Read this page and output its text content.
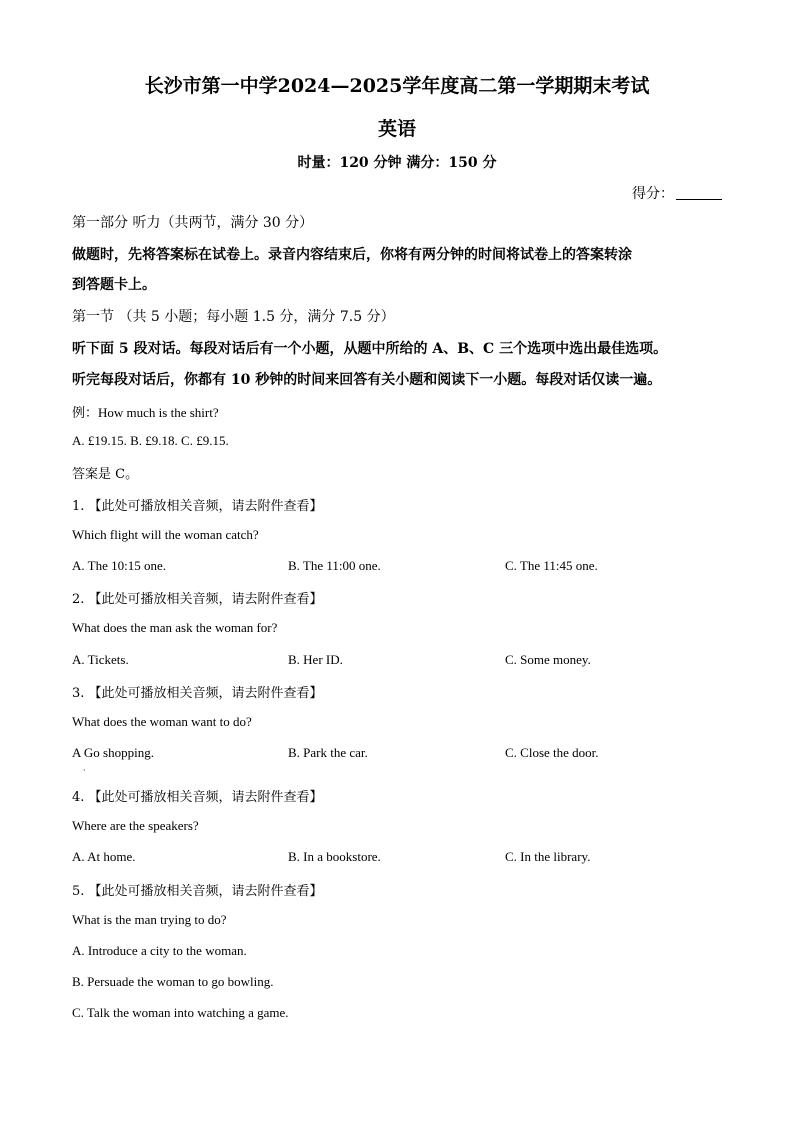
长沙市第一中学2024—2025学年度高二第一学期期末考试
英语
时量：120 分钟 满分：150 分
得分：
第一部分 听力（共两节，满分 30 分）
做题时，先将答案标在试卷上。录音内容结束后，你将有两分钟的时间将试卷上的答案转涂
到答题卡上。
第一节 （共 5 小题；每小题 1.5 分，满分 7.5 分）
听下面 5 段对话。每段对话后有一个小题，从题中所给的 A、B、C 三个选项中选出最佳选项。
听完每段对话后，你都有 10 秒钟的时间来回答有关小题和阅读下一小题。每段对话仅读一遍。
例：How much is the shirt?
A. £19.15. B. £9.18. C. £9.15.
答案是 C。
1. 【此处可播放相关音频，请去附件查看】
Which flight will the woman catch?
A. The 10:15 one.	B. The 11:00 one.	C. The 11:45 one.
2. 【此处可播放相关音频，请去附件查看】
What does the man ask the woman for?
A. Tickets.	B. Her ID.	C. Some money.
3. 【此处可播放相关音频，请去附件查看】
What does the woman want to do?
A Go shopping.	B. Park the car.	C. Close the door.
·
4. 【此处可播放相关音频，请去附件查看】
Where are the speakers?
A. At home.	B. In a bookstore.	C. In the library.
5. 【此处可播放相关音频，请去附件查看】
What is the man trying to do?
A. Introduce a city to the woman.
B. Persuade the woman to go bowling.
C. Talk the woman into watching a game.
